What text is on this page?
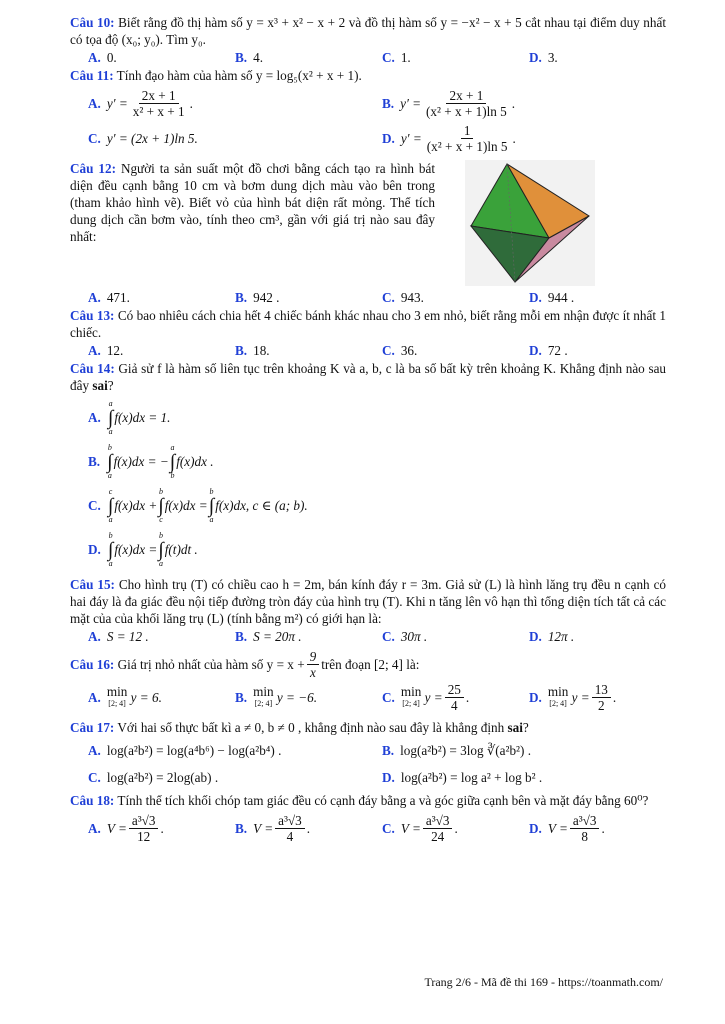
Câu 10: Biết rằng đồ thị hàm số y = x³ + x² − x + 2 và đồ thị hàm số y = −x² − x + 5 cắt nhau tại điểm duy nhất có tọa độ (x₀; y₀). Tìm y₀.
A. 0.	B. 4.	C. 1.	D. 3.
Câu 11: Tính đạo hàm của hàm số y = log₅(x² + x + 1).
A. $y' = \frac{2x + 1}{\text{x² + x + 1}}$ .	B. $y' = \frac{2x + 1}{\text{(x² + x + 1)ln 5}}$ .
C. y′ = (2x + 1)ln 5.	D. $y' = \frac{1}{\text{(x² + x + 1)ln 5}}$ .
Câu 12: Người ta sản suất một đồ chơi bằng cách tạo ra hình bát diện đều cạnh bằng 10 cm và bơm dung dịch màu vào bên trong (tham khảo hình vẽ). Biết vỏ của hình bát diện rất mỏng. Thể tích dung dịch cần bơm vào, tính theo cm³, gần với giá trị nào sau đây nhất:
A. 471.	B. 942 .	C. 943.	D. 944 .
Câu 13: Có bao nhiêu cách chia hết 4 chiếc bánh khác nhau cho 3 em nhỏ, biết rằng mỗi em nhận được ít nhất 1 chiếc.
A. 12.	B. 18.	C. 36.	D. 72 .
Câu 14: Giả sử f là hàm số liên tục trên khoảng K và a, b, c là ba số bất kỳ trên khoảng K. Khẳng định nào sau đây sai?
A.
a
∫
a
f(x)dx = 1.
B.
b
∫
a
f(x)dx = −
a
∫
b
f(x)dx .
C.
c
∫
a
f(x)dx +
b
∫
c
f(x)dx =
b
∫
a
f(x)dx, c ∈ (a; b).
D.
b
∫
a
f(x)dx =
b
∫
a
f(t)dt .
Câu 15: Cho hình trụ (T) có chiều cao h = 2m, bán kính đáy r = 3m. Giả sử (L) là hình lăng trụ đều n cạnh có hai đáy là đa giác đều nội tiếp đường tròn đáy của hình trụ (T). Khi n tăng lên vô hạn thì tổng diện tích tất cả các mặt của của khối lăng trụ (L) (tính bằng m²) có giới hạn là:
A. S = 12 .	B. S = 20π .	C. 30π .	D. 12π .
Câu 16:
Giá trị nhỏ nhất của hàm số $y = x + \frac{9}{x}$ trên đoạn [2; 4] là:
A. min
[2; 4]
y = 6.	B. min
[2; 4]
y = −6.	C. min
[2; 4]
$y = \frac{25}{4}$ .	D. min
[2; 4]
$y = \frac{13}{2}$ .
Câu 17: Với hai số thực bất kì a ≠ 0, b ≠ 0 , khẳng định nào sau đây là khẳng định sai?
A. log(a²b²) = log(a⁴b⁶) − log(a²b⁴) .	B. log(a²b²) = 3log ∛(a²b²) .
C. log(a²b²) = 2log(ab) .	D. log(a²b²) = log a² + log b² .
Câu 18: Tính thể tích khối chóp tam giác đều có cạnh đáy bằng a và góc giữa cạnh bên và mặt đáy bằng 60⁰?
A. $V = \frac{\text{a³√3}}{12}$ .	B. $V = \frac{\text{a³√3}}{4}$ .	C. $V = \frac{\text{a³√3}}{24}$ .	D. $V = \frac{\text{a³√3}}{8}$ .
Trang 2/6 - Mã đề thi 169 - https://toanmath.com/
